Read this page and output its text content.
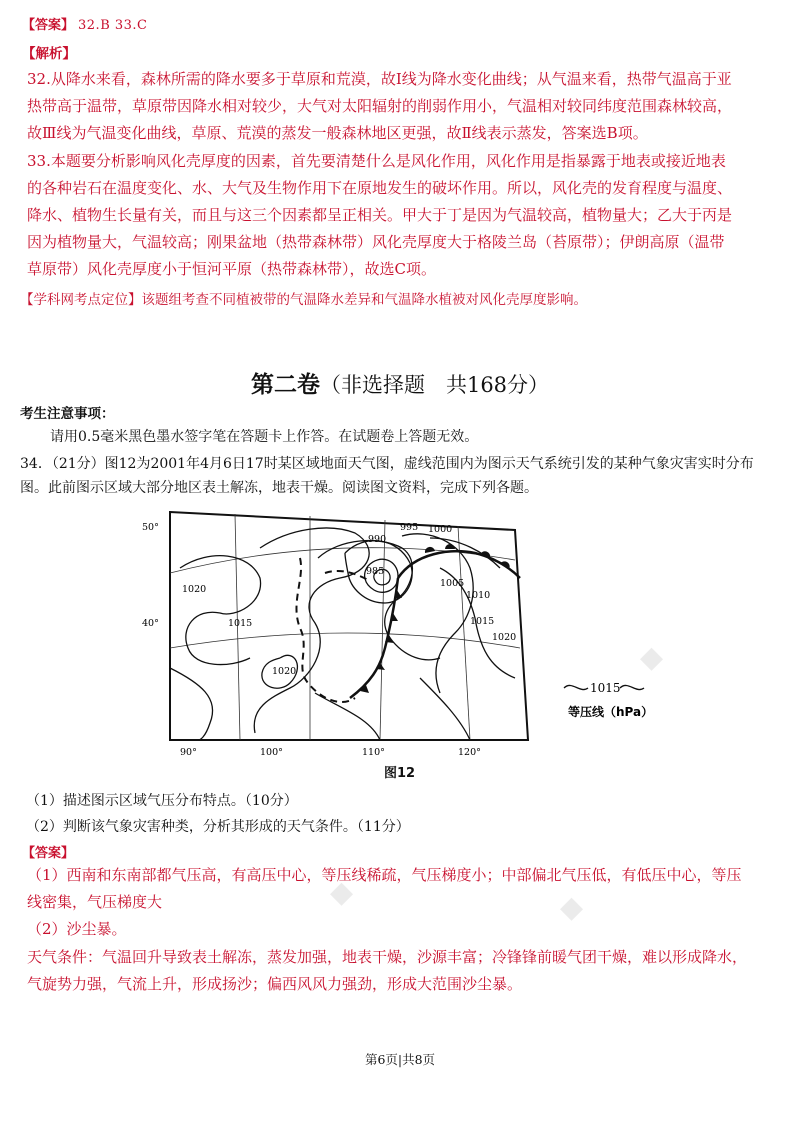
◆	◆
◆
【答案】 32.B 33.C
【解析】
32.从降水来看，森林所需的降水要多于草原和荒漠，故Ⅰ线为降水变化曲线；从气温来看，热带气温高于亚热带高于温带，草原带因降水相对较少，大气对太阳辐射的削弱作用小，气温相对较同纬度范围森林较高，故Ⅲ线为气温变化曲线，草原、荒漠的蒸发一般森林地区更强，故Ⅱ线表示蒸发，答案选B项。
33.本题要分析影响风化壳厚度的因素，首先要清楚什么是风化作用，风化作用是指暴露于地表或接近地表的各种岩石在温度变化、水、大气及生物作用下在原地发生的破坏作用。所以，风化壳的发育程度与温度、降水、植物生长量有关，而且与这三个因素都呈正相关。甲大于丁是因为气温较高，植物量大；乙大于丙是因为植物量大，气温较高；刚果盆地（热带森林带）风化壳厚度大于格陵兰岛（苔原带）；伊朗高原（温带草原带）风化壳厚度小于恒河平原（热带森林带），故选C项。
【学科网考点定位】该题组考查不同植被带的气温降水差异和气温降水植被对风化壳厚度影响。
第二卷（非选择题　共168分）
考生注意事项：
请用0.5毫米黑色墨水签字笔在答题卡上作答。在试题卷上答题无效。
34．（21分）图12为2001年4月6日17时某区域地面天气图，虚线范围内为图示天气系统引发的某种气象灾害实时分布图。此前图示区域大部分地区表土解冻，地表干燥。阅读图文资料，完成下列各题。
50°
40°
90°	100°	110°	120°
995 1000
990
985
1005
1010
1015
1020
1020
1015
1020
1015
等压线（hPa）
图12
（1）描述图示区域气压分布特点。（10分）
（2）判断该气象灾害种类，分析其形成的天气条件。（11分）
【答案】
（1）西南和东南部都气压高，有高压中心，等压线稀疏，气压梯度小；中部偏北气压低，有低压中心，等压线密集，气压梯度大
（2）沙尘暴。
天气条件：气温回升导致表土解冻，蒸发加强，地表干燥，沙源丰富；冷锋锋前暖气团干燥，难以形成降水，气旋势力强，气流上升，形成扬沙；偏西风风力强劲，形成大范围沙尘暴。
第6页|共8页
